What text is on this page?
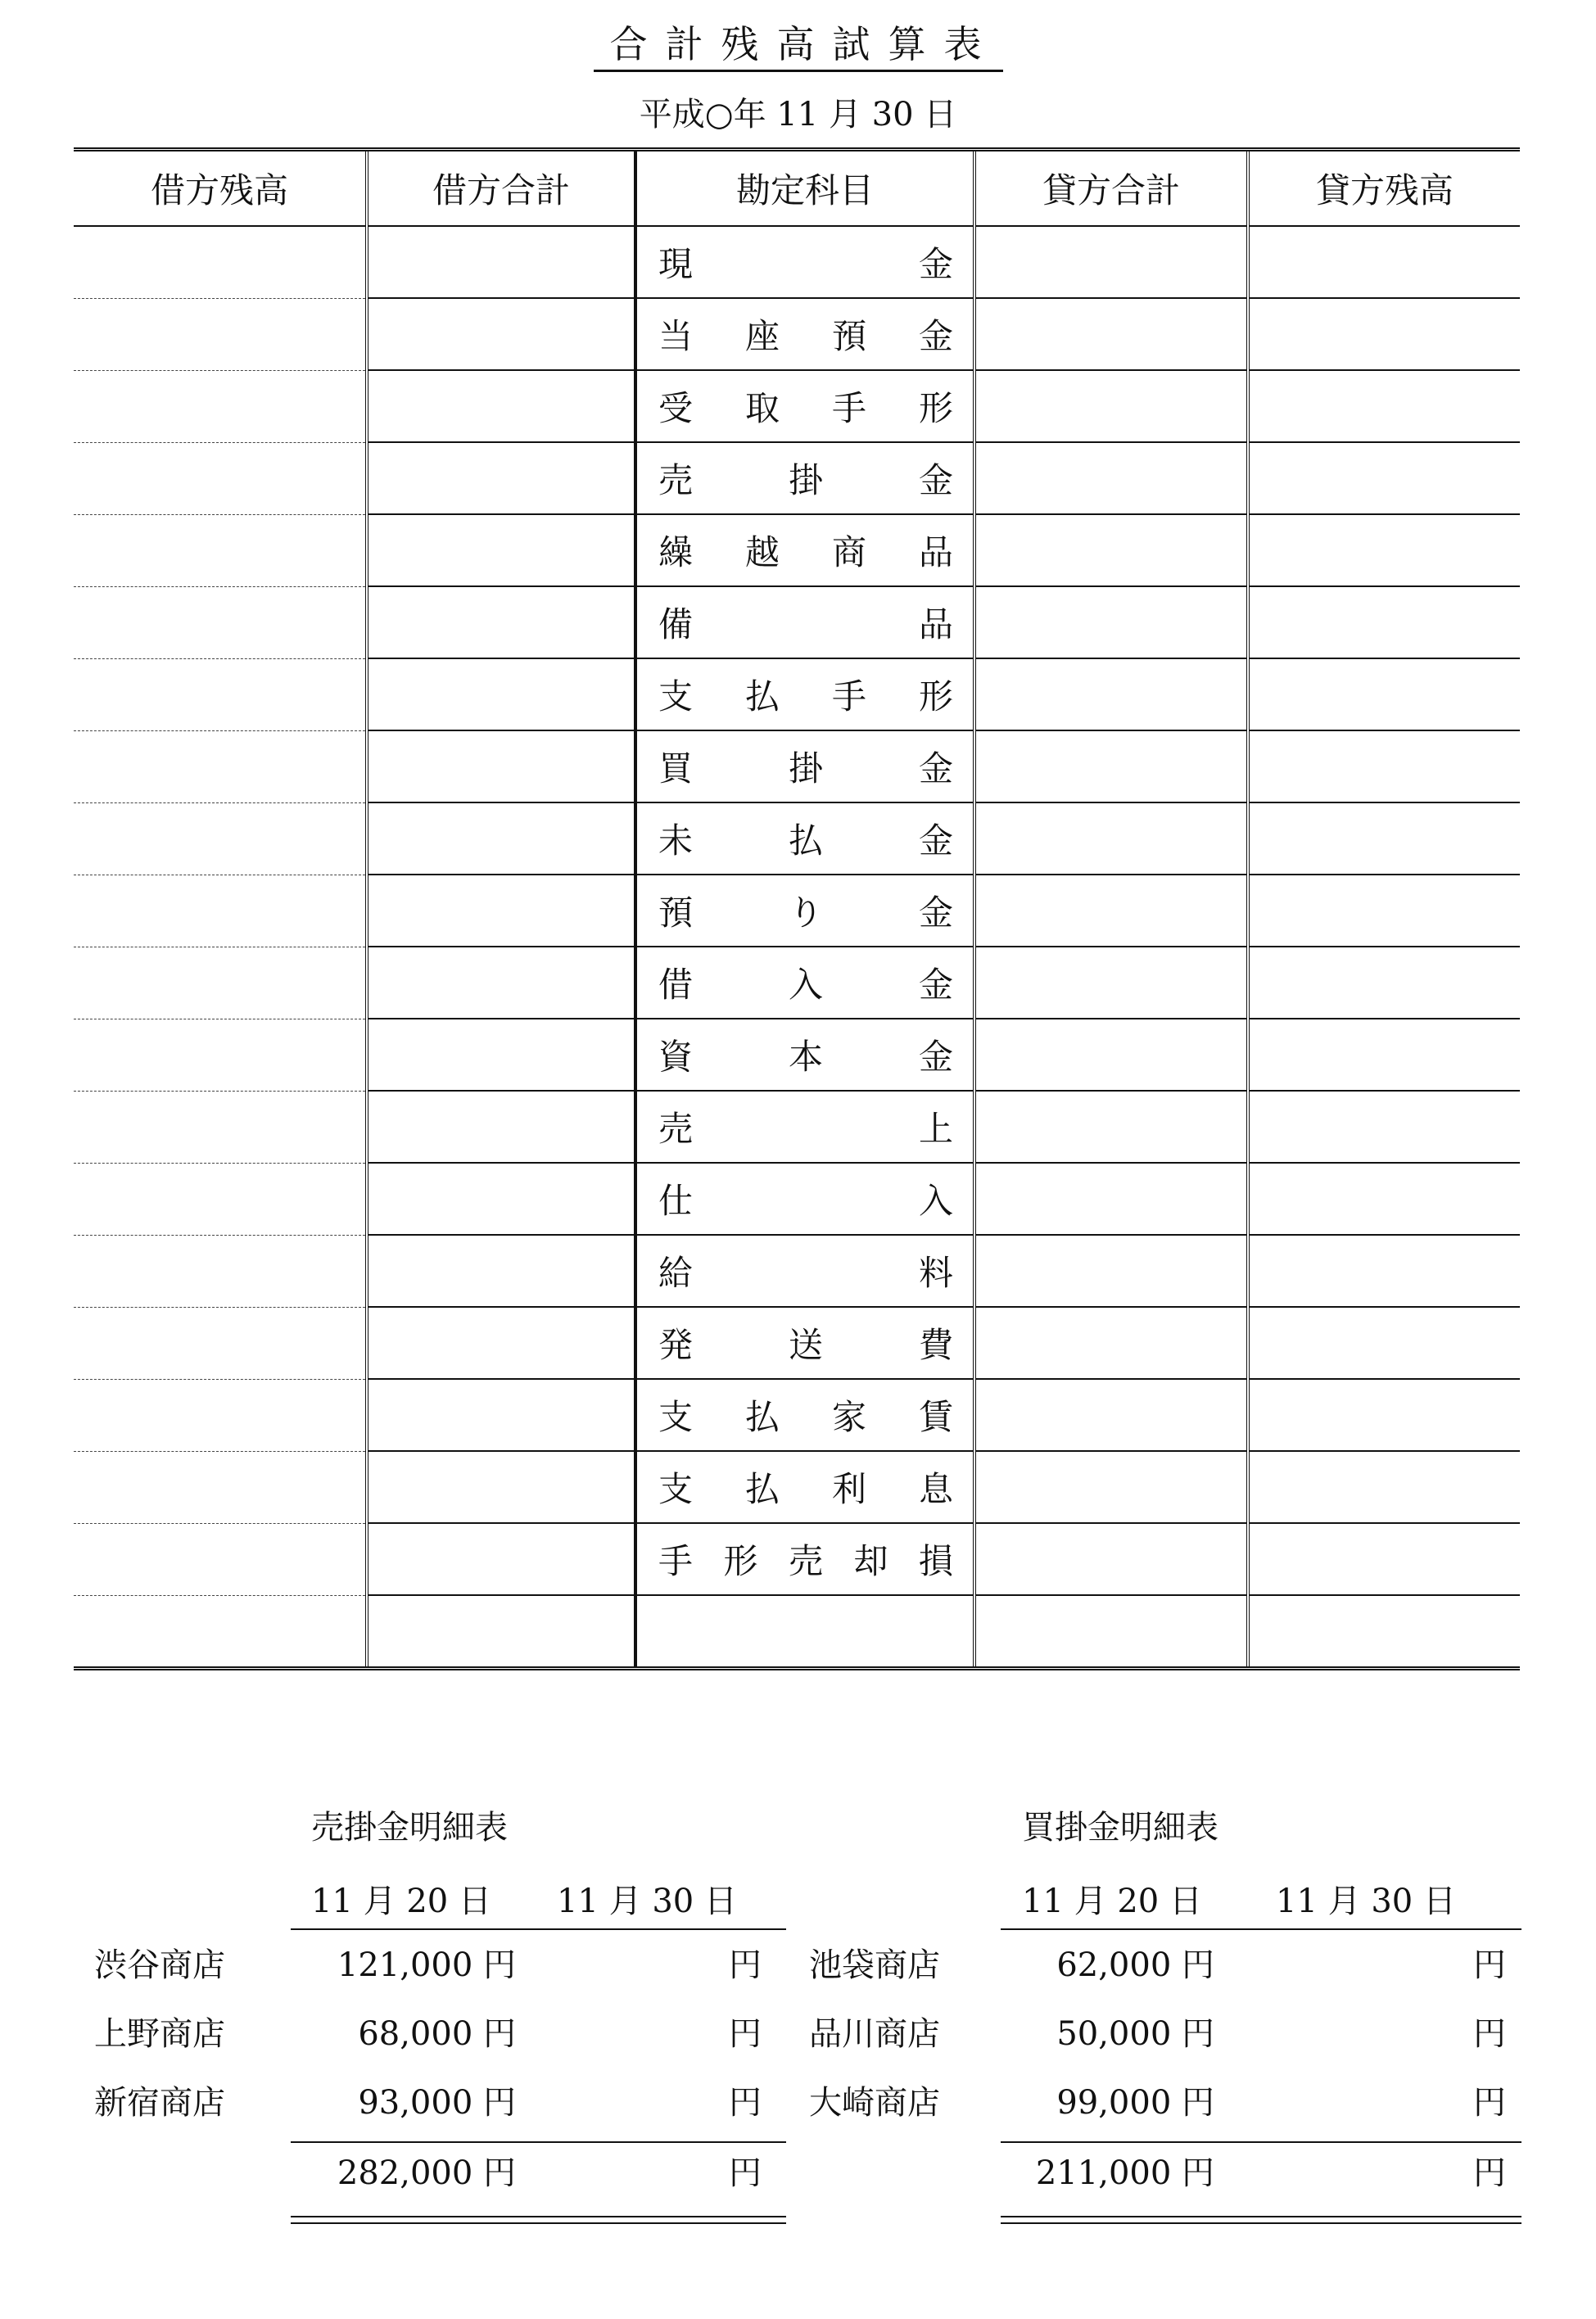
合計残高試算表
平成○年 11 月 30 日
借方残高	借方合計	勘定科目	貸方合計	貸方残高

		現 金		

		当 座 預 金		

		受 取 手 形		

		売 掛 金		

		繰 越 商 品		

		備 品		

		支 払 手 形		

		買 掛 金		

		未 払 金		

		預 り 金		

		借 入 金		

		資 本 金		

		売 上		

		仕 入		

		給 料		

		発 送 費		

		支 払 家 賃		

		支 払 利 息		

		手 形 売 却 損		

売掛金明細表
11 月 20 日 11 月 30 日
渋谷商店	121,000 円	円
上野商店	68,000 円	円
新宿商店	93,000 円	円
282,000 円	円
買掛金明細表
11 月 20 日 11 月 30 日
池袋商店	62,000 円	円
品川商店	50,000 円	円
大崎商店	99,000 円	円
211,000 円	円
